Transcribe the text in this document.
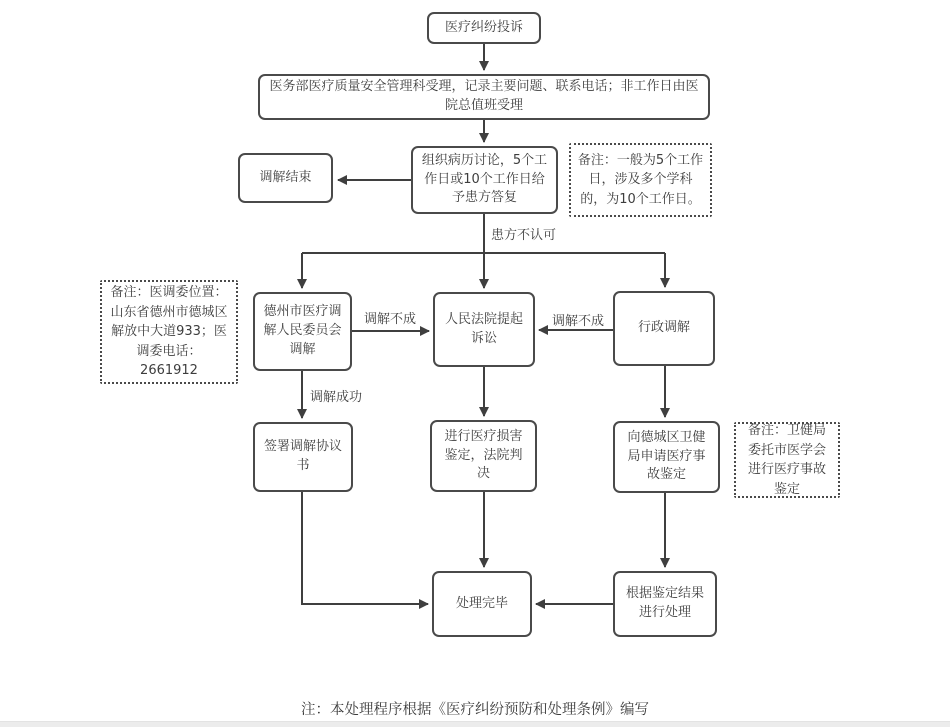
医疗纠纷投诉
医务部医疗质量安全管理科受理，记录主要问题、联系电话；非工作日由医院总值班受理
组织病历讨论，5个工作日或10个工作日给予患方答复
调解结束
备注：一般为5个工作日，涉及多个学科的，为10个工作日。
备注：医调委位置：山东省德州市德城区解放中大道933；医调委电话：2661912
德州市医疗调解人民委员会调解
人民法院提起诉讼
行政调解
签署调解协议书
进行医疗损害鉴定，法院判决
向德城区卫健局申请医疗事故鉴定
备注：卫健局委托市医学会进行医疗事故鉴定
处理完毕
根据鉴定结果进行处理
患方不认可
调解不成	调解不成
调解成功
注：本处理程序根据《医疗纠纷预防和处理条例》编写
